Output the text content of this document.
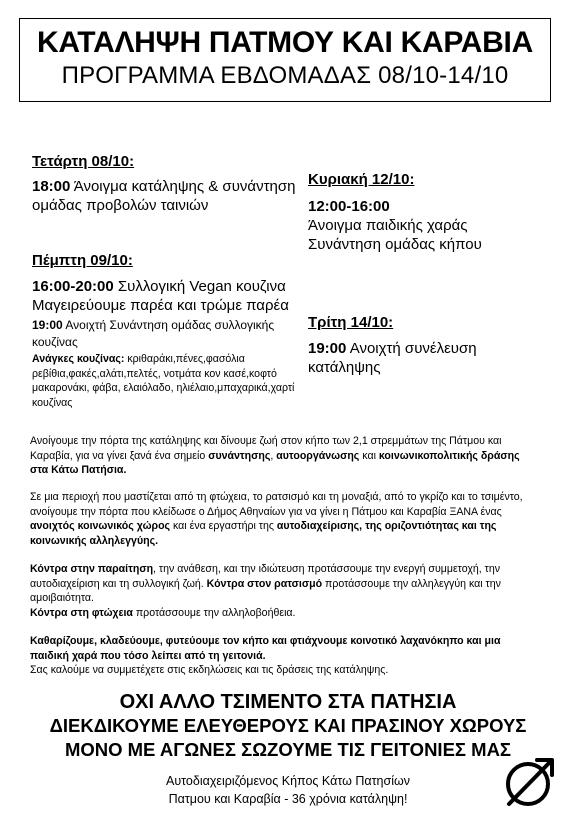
ΚΑΤΑΛΗΨΗ ΠΑΤΜΟΥ ΚΑΙ ΚΑΡΑΒΙΑ
ΠΡΟΓΡΑΜΜΑ ΕΒΔΟΜΑΔΑΣ 08/10-14/10

Τετάρτη 08/10:

18:00 Άνοιγμα κατάληψης & συνάντηση ομάδας προβολών ταινιών

Πέμπτη 09/10:

16:00-20:00 Συλλογική Vegan κουζινα Μαγειρεύουμε παρέα και τρώμε παρέα

19:00 Ανοιχτή Συνάντηση ομάδας συλλογικής κουζίνας

Ανάγκες κουζίνας: κριθαράκι,πένες,φασόλια ρεβίθια,φακές,αλάτι,πελτές, νοτμάτα κον κασέ,κοφτό μακαρονάκι, φάβα, ελαιόλαδο, ηλιέλαιο,μπαχαρικά,χαρτί κουζίνας

Κυριακή 12/10:

12:00-16:00

Άνοιγμα παιδικής χαράς

Συνάντηση ομάδας κήπου

Τρίτη 14/10:

19:00 Ανοιχτή συνέλευση κατάληψης

Ανοίγουμε την πόρτα της κατάληψης και δίνουμε ζωή στον κήπο των 2,1 στρεμμάτων της Πάτμου και Καραβία, για να γίνει ξανά ένα σημείο συνάντησης, αυτοοργάνωσης και κοινωνικοπολιτικής δράσης στα Κάτω Πατήσια.

Σε μια περιοχή που μαστίζεται από τη φτώχεια, το ρατσισμό και τη μοναξιά, από το γκρίζο και το τσιμέντο, ανοίγουμε την πόρτα που κλείδωσε ο Δήμος Αθηναίων για να γίνει η Πάτμου και Καραβία ΞΑΝΑ ένας ανοιχτός κοινωνικός χώρος και ένα εργαστήρι της αυτοδιαχείρισης, της οριζοντιότητας και της κοινωνικής αλληλεγγύης.

Κόντρα στην παραίτηση, την ανάθεση, και την ιδιώτευση προτάσσουμε την ενεργή συμμετοχή, την αυτοδιαχείριση και τη συλλογική ζωή. Κόντρα στον ρατσισμό προτάσσουμε την αλληλεγγύη και την αμοιβαιότητα.
Κόντρα στη φτώχεια προτάσσουμε την αλληλοβοήθεια.

Καθαρίζουμε, κλαδεύουμε, φυτεύουμε τον κήπο και φτιάχνουμε κοινοτικό λαχανόκηπο και μια παιδική χαρά που τόσο λείπει από τη γειτονιά.
Σας καλούμε να συμμετέχετε στις εκδηλώσεις και τις δράσεις της κατάληψης.

ΟΧΙ ΑΛΛΟ ΤΣΙΜΕΝΤΟ ΣΤΑ ΠΑΤΗΣΙΑ
ΔΙΕΚΔΙΚΟΥΜΕ ΕΛΕΥΘΕΡΟΥΣ ΚΑΙ ΠΡΑΣΙΝΟΥ ΧΩΡΟΥΣ
ΜΟΝΟ ΜΕ ΑΓΩΝΕΣ ΣΩΖΟΥΜΕ ΤΙΣ ΓΕΙΤΟΝΙΕΣ ΜΑΣ
Αυτοδιαχειριζόμενος Κήπος Κάτω Πατησίων
Πατμου και Καραβία - 36 χρόνια κατάληψη!
